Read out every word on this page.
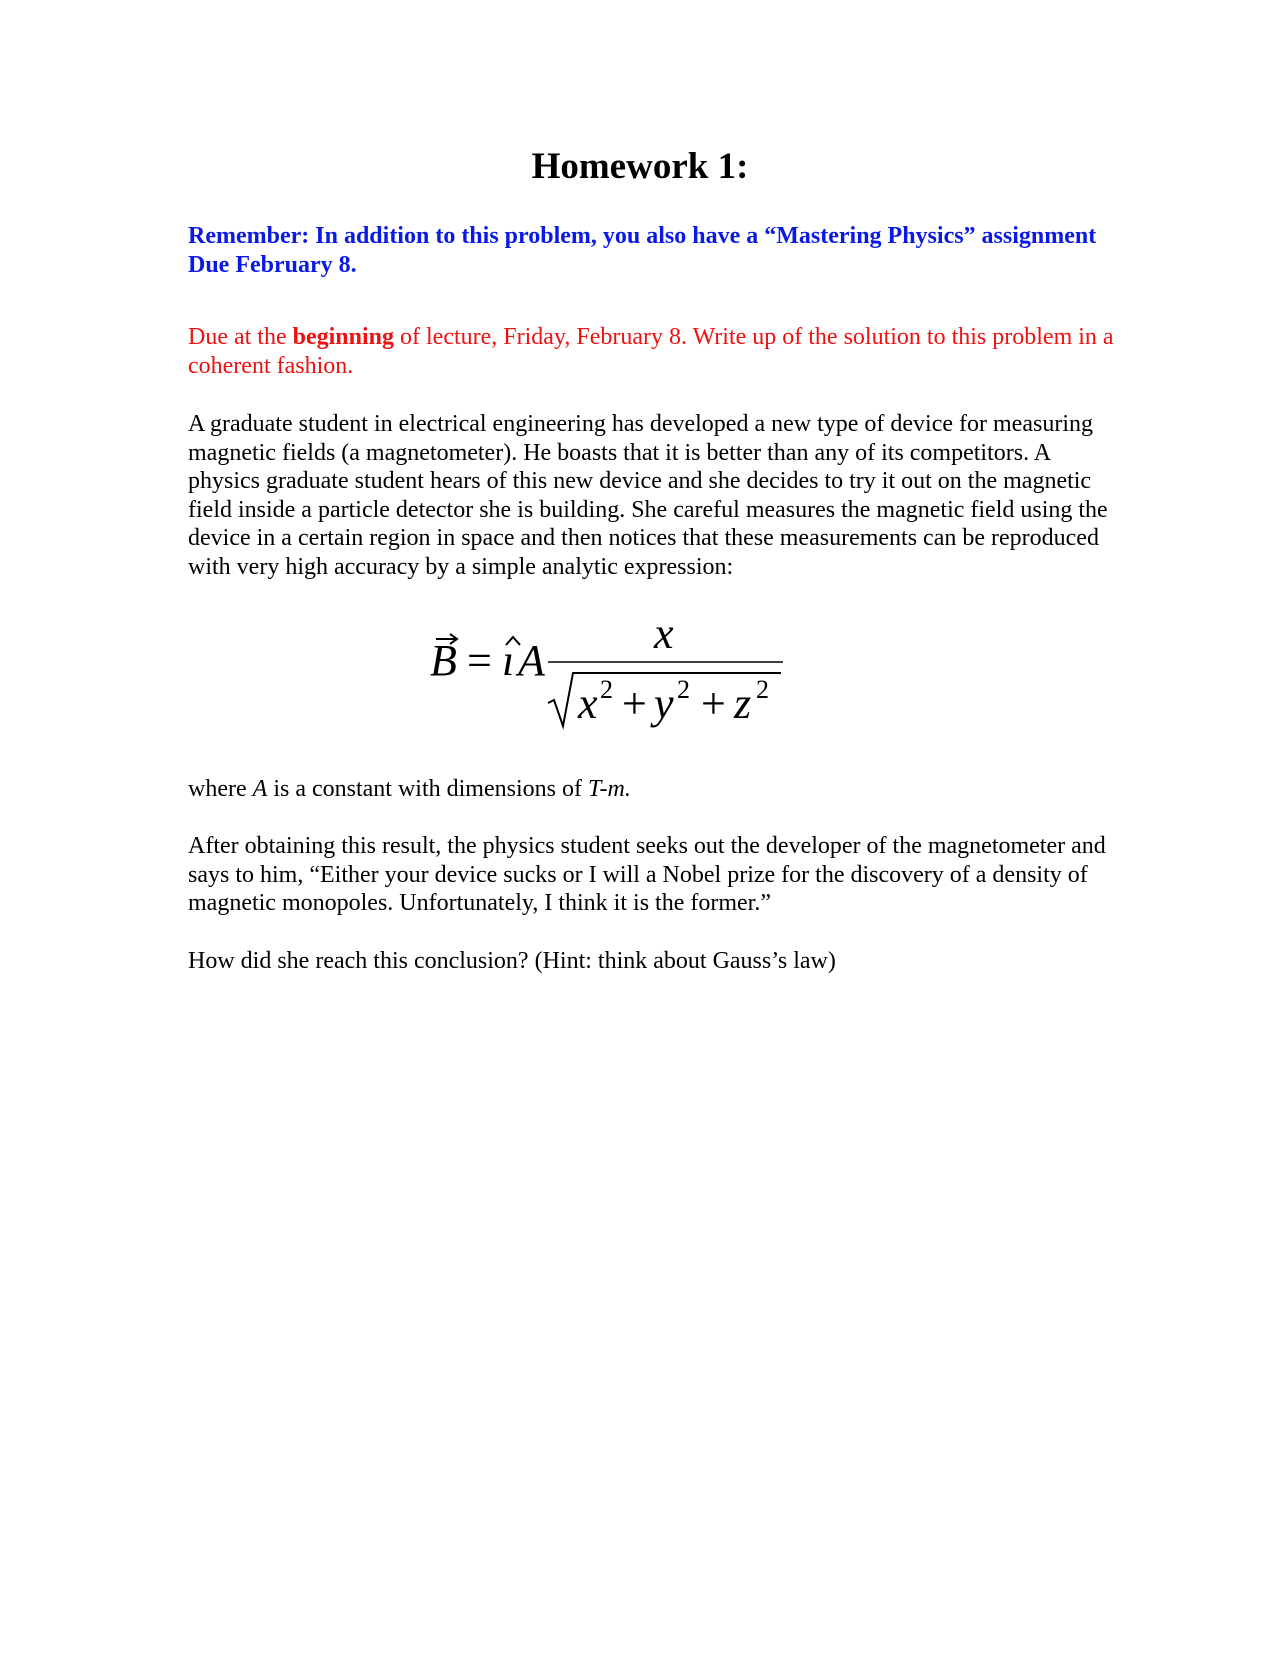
Homework 1:

Remember: In addition to this problem, you also have a “Mastering Physics” assignment Due February 8.

Due at the beginning of lecture, Friday, February 8. Write up of the solution to this problem in a coherent fashion.

A graduate student in electrical engineering has developed a new type of device for measuring magnetic fields (a magnetometer). He boasts that it is better than any of its competitors. A physics graduate student hears of this new device and she decides to try it out on the magnetic field inside a particle detector she is building. She careful measures the magnetic field using the device in a certain region in space and then notices that these measurements can be reproduced with very high accuracy by a simple analytic expression:

B = ı A
x
x 2 + y 2 + z 2

where A is a constant with dimensions of T-m.

After obtaining this result, the physics student seeks out the developer of the magnetometer and says to him, “Either your device sucks or I will a Nobel prize for the discovery of a density of magnetic monopoles. Unfortunately, I think it is the former.”

How did she reach this conclusion? (Hint: think about Gauss’s law)
